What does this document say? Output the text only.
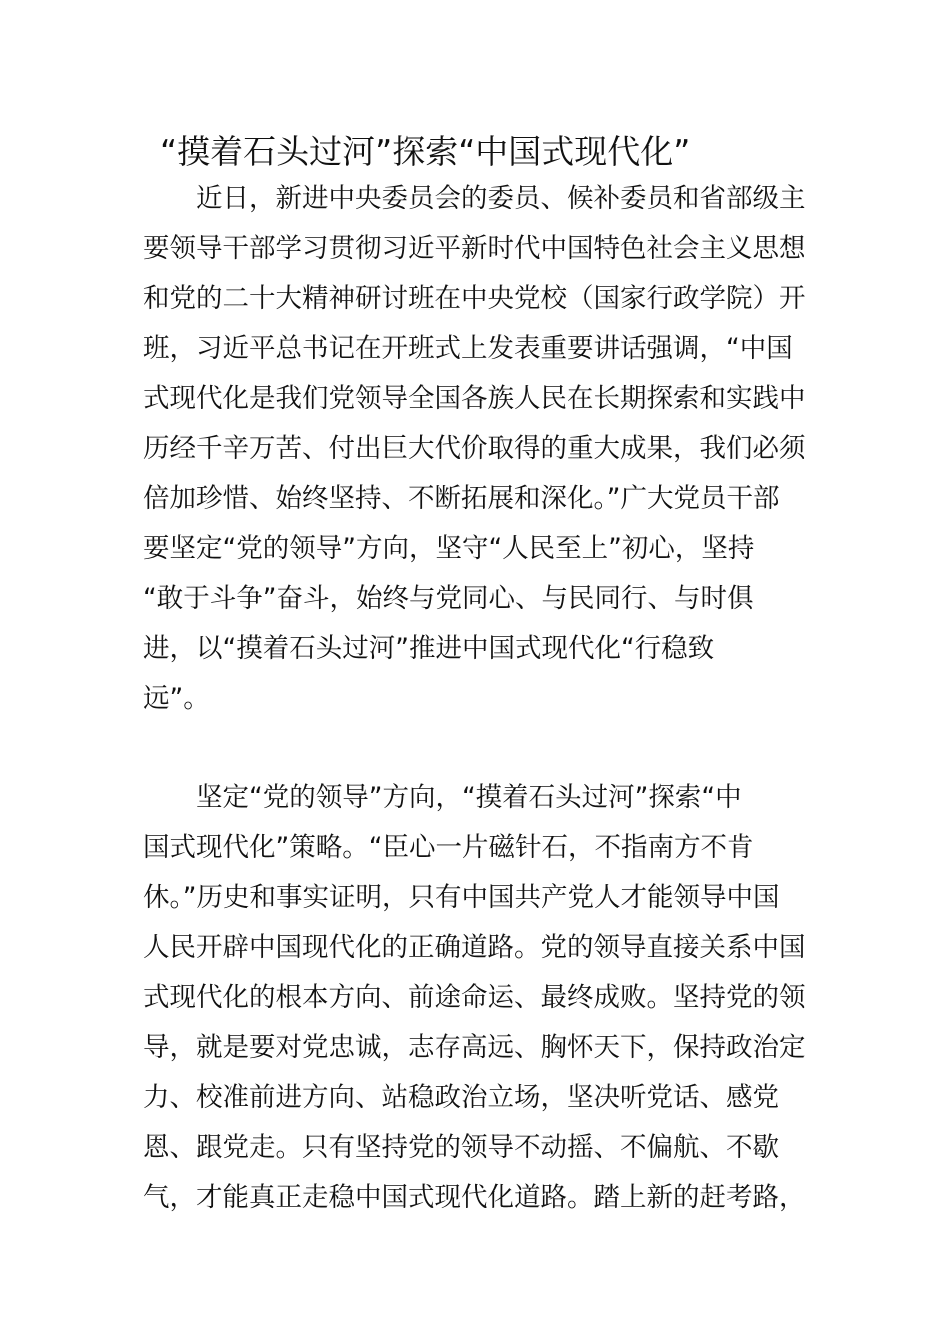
“摸着石头过河”探索“中国式现代化”
　　近日，新进中央委员会的委员、候补委员和省部级主
要领导干部学习贯彻习近平新时代中国特色社会主义思想
和党的二十大精神研讨班在中央党校（国家行政学院）开
班，习近平总书记在开班式上发表重要讲话强调，“中国
式现代化是我们党领导全国各族人民在长期探索和实践中
历经千辛万苦、付出巨大代价取得的重大成果，我们必须
倍加珍惜、始终坚持、不断拓展和深化。”广大党员干部
要坚定“党的领导”方向，坚守“人民至上”初心，坚持
“敢于斗争”奋斗，始终与党同心、与民同行、与时俱
进，以“摸着石头过河”推进中国式现代化“行稳致
远”。
　　坚定“党的领导”方向，“摸着石头过河”探索“中
国式现代化”策略。“臣心一片磁针石，不指南方不肯
休。”历史和事实证明，只有中国共产党人才能领导中国
人民开辟中国现代化的正确道路。党的领导直接关系中国
式现代化的根本方向、前途命运、最终成败。坚持党的领
导，就是要对党忠诚，志存高远、胸怀天下，保持政治定
力、校准前进方向、站稳政治立场，坚决听党话、感党
恩、跟党走。只有坚持党的领导不动摇、不偏航、不歇
气，才能真正走稳中国式现代化道路。踏上新的赶考路，
